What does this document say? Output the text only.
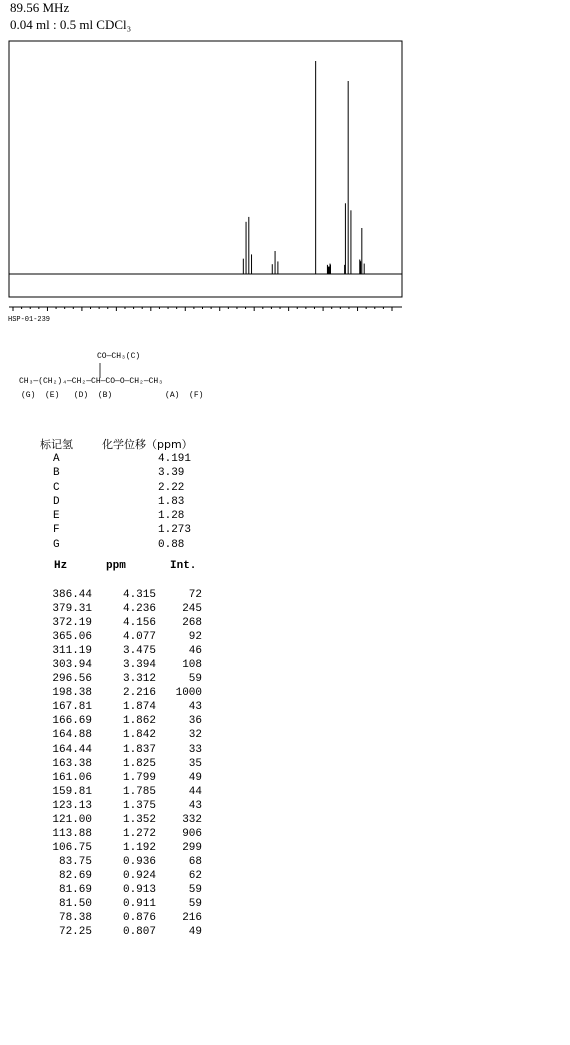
89.56 MHz
0.04 ml : 0.5 ml CDCl₃
HSP-01-239
CO—CH₃(C)
CH₃—(CH₂)₄—CH₂—CH—CO—O—CH₂—CH₃
(G)  (E)   (D)  (B)           (A)  (F)
标记氢	化学位移（ppm）
A	4.191
B	3.39
C	2.22
D	1.83
E	1.28
F	1.273
G	0.88
Hz	ppm	Int.
386.44	4.315	72
379.31	4.236	245
372.19	4.156	268
365.06	4.077	92
311.19	3.475	46
303.94	3.394	108
296.56	3.312	59
198.38	2.216	1000
167.81	1.874	43
166.69	1.862	36
164.88	1.842	32
164.44	1.837	33
163.38	1.825	35
161.06	1.799	49
159.81	1.785	44
123.13	1.375	43
121.00	1.352	332
113.88	1.272	906
106.75	1.192	299
83.75	0.936	68
82.69	0.924	62
81.69	0.913	59
81.50	0.911	59
78.38	0.876	216
72.25	0.807	49
